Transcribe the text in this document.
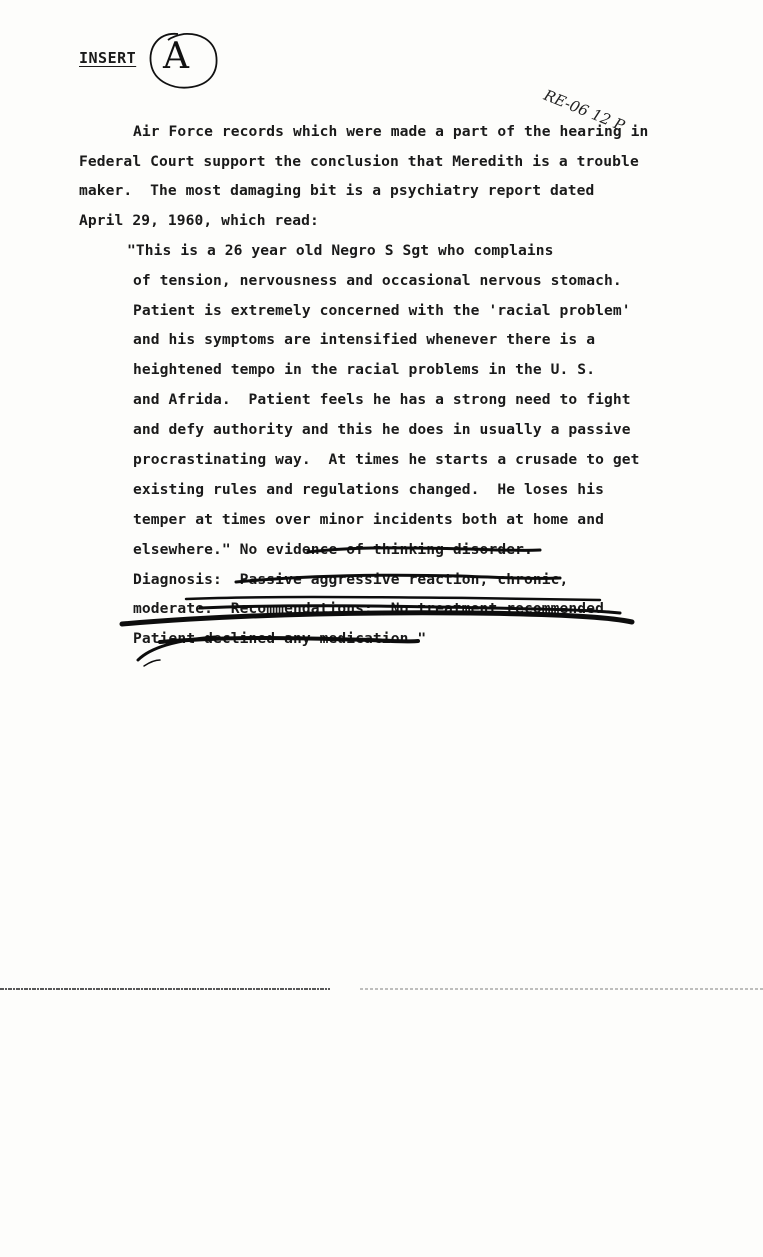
INSERT A
RE-06 12 P
Air Force records which were made a part of the hearing in
Federal Court support the conclusion that Meredith is a trouble
maker.  The most damaging bit is a psychiatry report dated
April 29, 1960, which read:
"This is a 26 year old Negro S Sgt who complains
of tension, nervousness and occasional nervous stomach.
Patient is extremely concerned with the 'racial problem'
and his symptoms are intensified whenever there is a
heightened tempo in the racial problems in the U. S.
and Afrida.  Patient feels he has a strong need to fight
and defy authority and this he does in usually a passive
procrastinating way.  At times he starts a crusade to get
existing rules and regulations changed.  He loses his
temper at times over minor incidents both at home and
elsewhere." No evidence of thinking disorder.
Diagnosis:  Passive aggressive reaction, chronic,
moderate.  Recommendations:  No treatment recommended.
Patient declined any medication."
